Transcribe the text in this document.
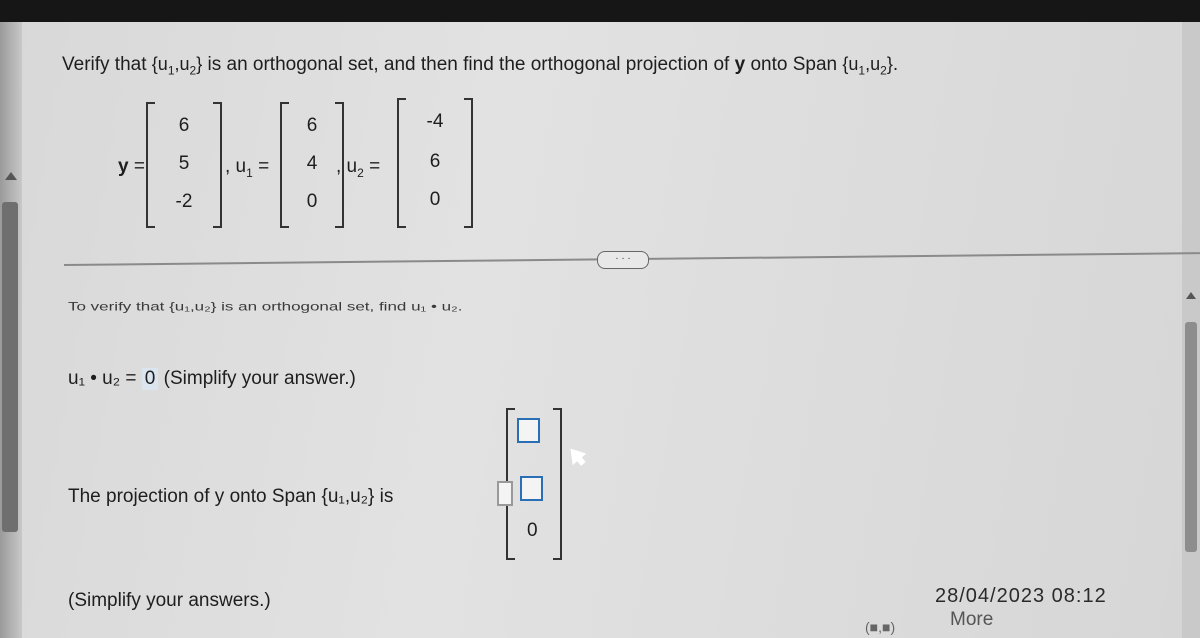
Verify that $\{u_1,u_2\}$ is an orthogonal set, and then find the orthogonal projection of y onto Span $\{u_1,u_2\}$.
y =
6
5
-2
, $u_1$ =
6
4
0
, $u_2$ =
-4
6
0
· · ·
To verify that {u₁,u₂} is an orthogonal set, find u₁ • u₂.
u₁ • u₂ = 0 (Simplify your answer.)
The projection of y onto Span {u₁,u₂} is
0
(Simplify your answers.)	28/04/2023 08:12
More
(■,■)
